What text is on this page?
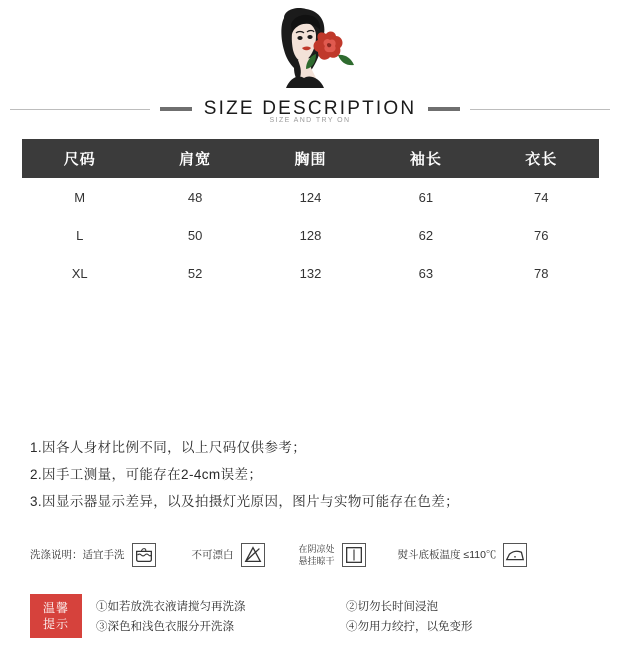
SIZE DESCRIPTION
SIZE AND TRY ON
尺码	肩宽	胸围	袖长	衣长
M	48	124	61	74
L	50	128	62	76
XL	52	132	63	78
1.因各人身材比例不同，以上尺码仅供参考；
2.因手工测量，可能存在2-4cm误差；
3.因显示器显示差异，以及拍摄灯光原因，图片与实物可能存在色差；
洗涤说明：适宜手洗	不可漂白	在阴凉处
悬挂晾干
熨斗底板温度 ≤110℃
温馨
提示
①如若放洗衣液请搅匀再洗涤	②切勿长时间浸泡
③深色和浅色衣服分开洗涤	④勿用力绞拧，以免变形
